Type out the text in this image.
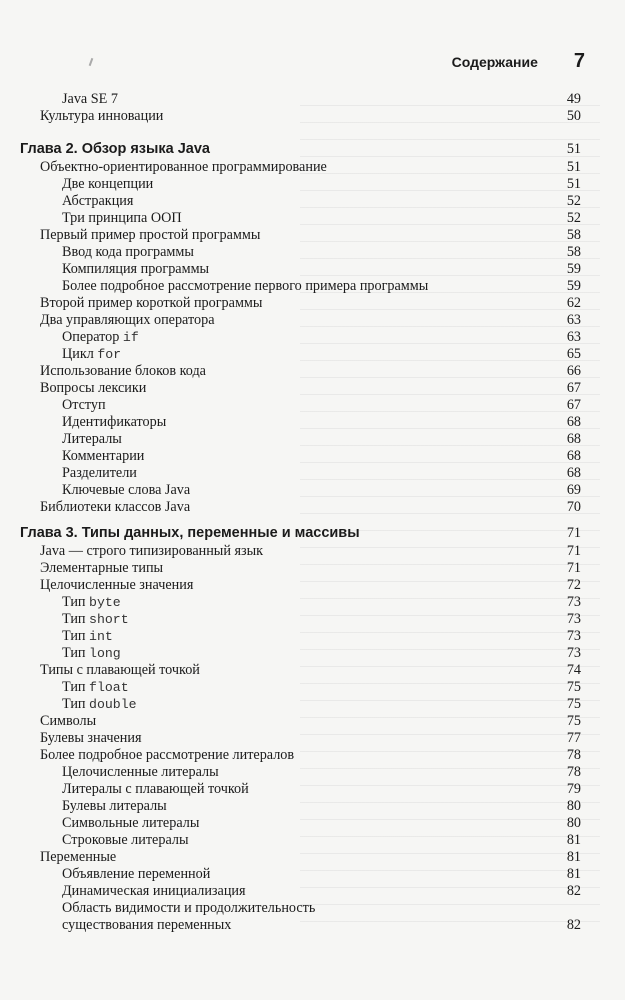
Содержание 7
Java SE 7	49
Культура инновации	50
Глава 2. Обзор языка Java	51
Объектно-ориентированное программирование	51
Две концепции	51
Абстракция	52
Три принципа ООП	52
Первый пример простой программы	58
Ввод кода программы	58
Компиляция программы	59
Более подробное рассмотрение первого примера программы	59
Второй пример короткой программы	62
Два управляющих оператора	63
Оператор if	63
Цикл for	65
Использование блоков кода	66
Вопросы лексики	67
Отступ	67
Идентификаторы	68
Литералы	68
Комментарии	68
Разделители	68
Ключевые слова Java	69
Библиотеки классов Java	70
Глава 3. Типы данных, переменные и массивы	71
Java — строго типизированный язык	71
Элементарные типы	71
Целочисленные значения	72
Тип byte	73
Тип short	73
Тип int	73
Тип long	73
Типы с плавающей точкой	74
Тип float	75
Тип double	75
Символы	75
Булевы значения	77
Более подробное рассмотрение литералов	78
Целочисленные литералы	78
Литералы с плавающей точкой	79
Булевы литералы	80
Символьные литералы	80
Строковые литералы	81
Переменные	81
Объявление переменной	81
Динамическая инициализация	82
Область видимости и продолжительность
существования переменных	82
